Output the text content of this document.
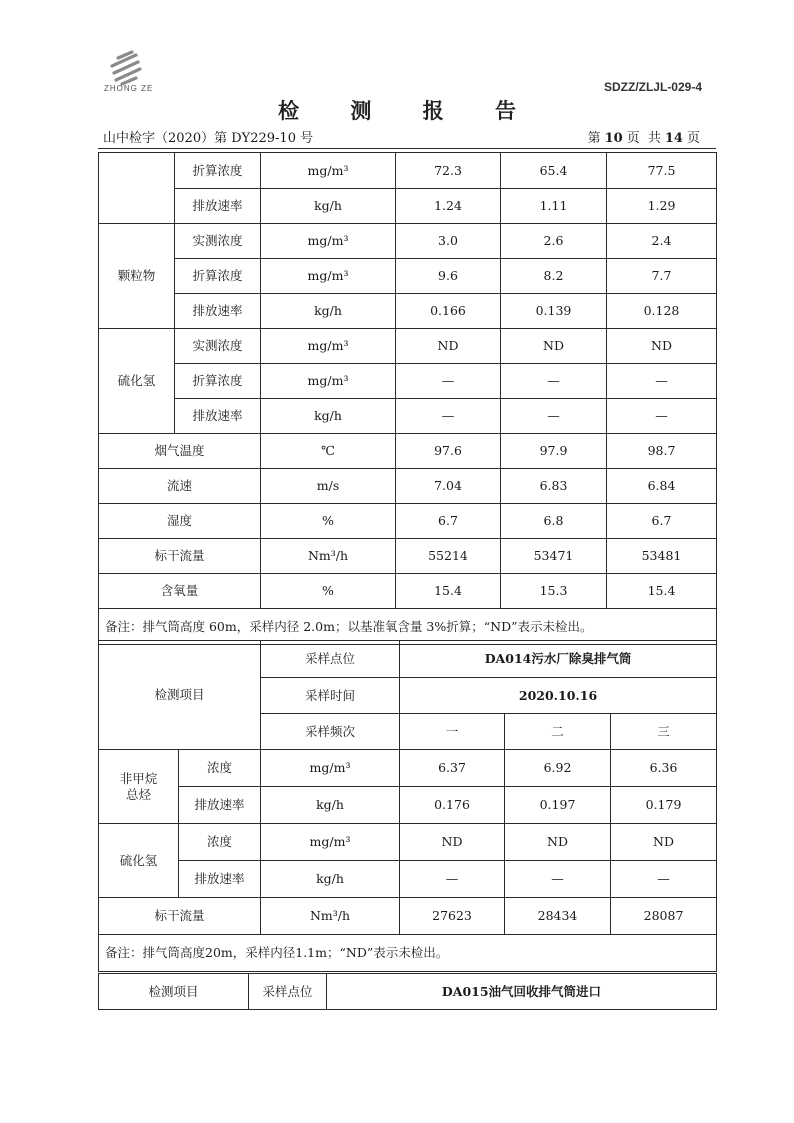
ZHONG ZE	SDZZ/ZLJL-029-4
检 测 报 告
山中检字（2020）第 DY229-10 号	第 10 页 共 14 页
	折算浓度	mg/m³	72.3	65.4	77.5
	排放速率	kg/h	1.24	1.11	1.29
颗粒物	实测浓度	mg/m³	3.0	2.6	2.4
	折算浓度	mg/m³	9.6	8.2	7.7
	排放速率	kg/h	0.166	0.139	0.128
硫化氢	实测浓度	mg/m³	ND	ND	ND
	折算浓度	mg/m³	—	—	—
	排放速率	kg/h	—	—	—
烟气温度		℃	97.6	97.9	98.7
流速		m/s	7.04	6.83	6.84
湿度		%	6.7	6.8	6.7
标干流量		Nm³/h	55214	53471	53481
含氧量		%	15.4	15.3	15.4
备注：排气筒高度 60m，采样内径 2.0m；以基准氧含量 3%折算；“ND”表示未检出。					
检测项目		采样点位	DA014污水厂除臭排气筒		
		采样时间	2020.10.16		
		采样频次	一	二	三
非甲烷总烃	浓度	mg/m³	6.37	6.92	6.36
	排放速率	kg/h	0.176	0.197	0.179
硫化氢	浓度	mg/m³	ND	ND	ND
	排放速率	kg/h	—	—	—
标干流量		Nm³/h	27623	28434	28087
备注：排气筒高度20m，采样内径1.1m；“ND”表示未检出。					
检测项目	采样点位	DA015油气回收排气筒进口
